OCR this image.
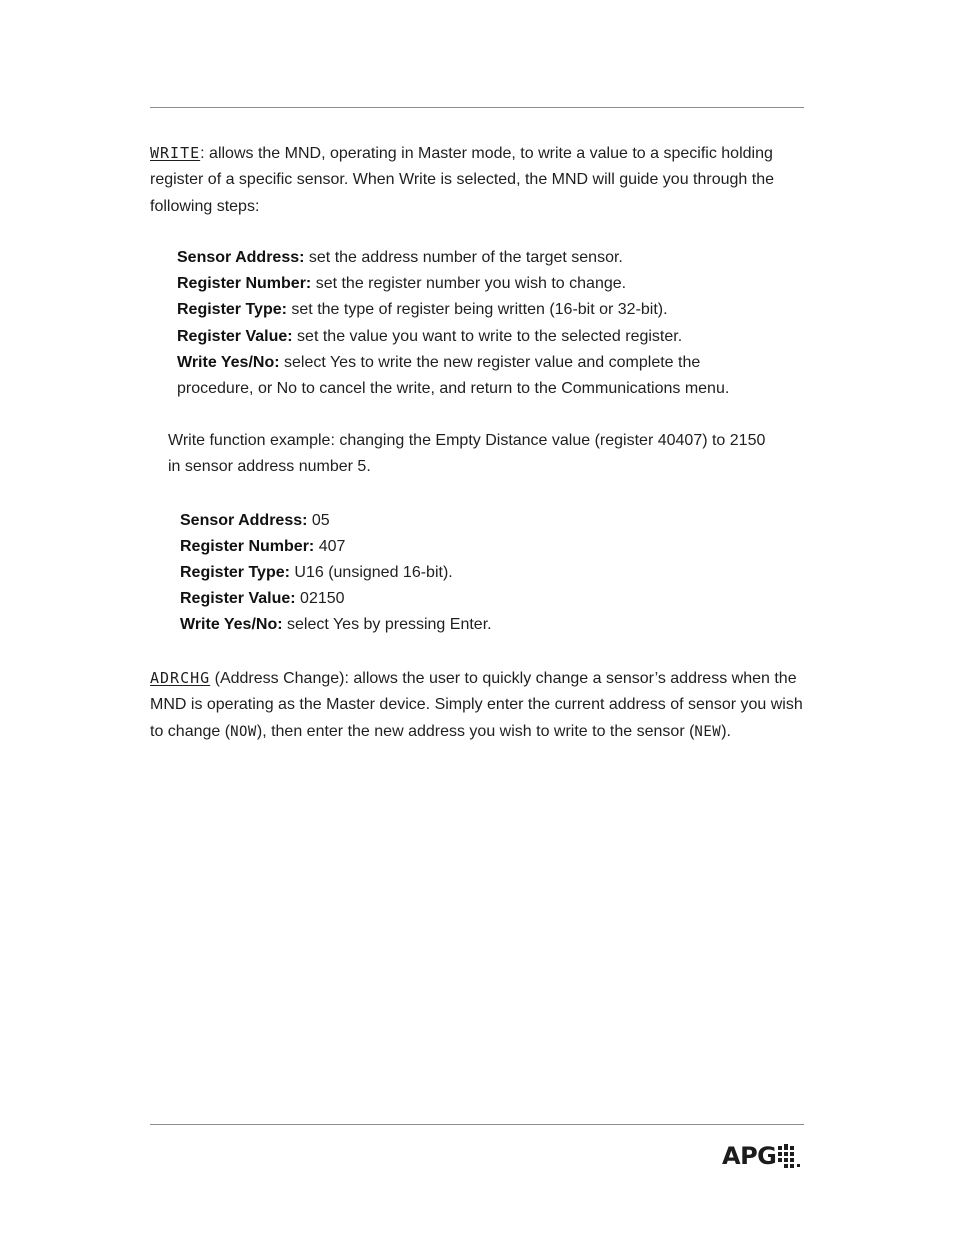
WRITE: allows the MND, operating in Master mode, to write a value to a specific holding register of a specific sensor. When Write is selected, the MND will guide you through the following steps:
Sensor Address: set the address number of the target sensor.
Register Number: set the register number you wish to change.
Register Type: set the type of register being written (16-bit or 32-bit).
Register Value: set the value you want to write to the selected register.
Write Yes/No: select Yes to write the new register value and complete the
procedure, or No to cancel the write, and return to the Communications menu.
Write function example: changing the Empty Distance value (register 40407) to 2150
in sensor address number 5.
Sensor Address: 05
Register Number: 407
Register Type: U16 (unsigned 16-bit).
Register Value: 02150
Write Yes/No: select Yes by pressing Enter.
ADRCHG (Address Change): allows the user to quickly change a sensor’s address when the MND is operating as the Master device. Simply enter the current address of sensor you wish to change (NOW), then enter the new address you wish to write to the sensor (NEW).
APG
